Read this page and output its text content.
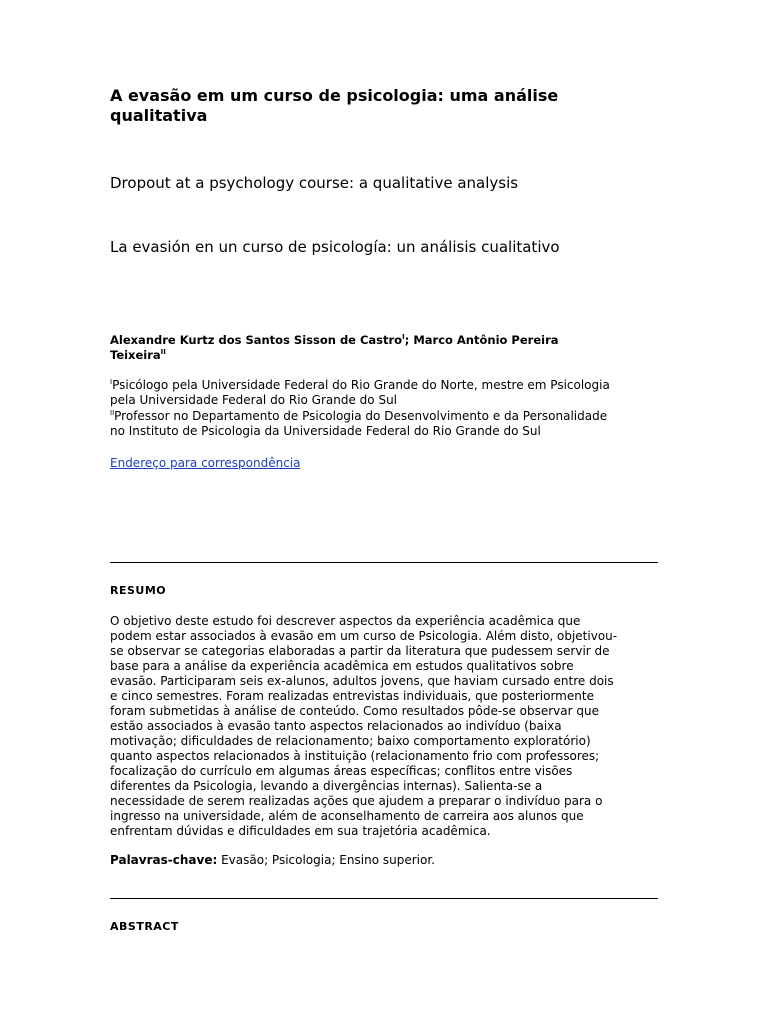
A evasão em um curso de psicologia: uma análise
qualitativa
Dropout at a psychology course: a qualitative analysis
La evasión en un curso de psicología: un análisis cualitativo

Alexandre Kurtz dos Santos Sisson de Castro$^I$; Marco Antônio Pereira
Teixeira$^{II}$

$^I$Psicólogo pela Universidade Federal do Rio Grande do Norte, mestre em Psicologia
pela Universidade Federal do Rio Grande do Sul

$^{II}$Professor no Departamento de Psicologia do Desenvolvimento e da Personalidade
no Instituto de Psicologia da Universidade Federal do Rio Grande do Sul

Endereço para correspondência
RESUMO

O objetivo deste estudo foi descrever aspectos da experiência acadêmica que
podem estar associados à evasão em um curso de Psicologia. Além disto, objetivou-
se observar se categorias elaboradas a partir da literatura que pudessem servir de
base para a análise da experiência acadêmica em estudos qualitativos sobre
evasão. Participaram seis ex-alunos, adultos jovens, que haviam cursado entre dois
e cinco semestres. Foram realizadas entrevistas individuais, que posteriormente
foram submetidas à análise de conteúdo. Como resultados pôde-se observar que
estão associados à evasão tanto aspectos relacionados ao indivíduo (baixa
motivação; dificuldades de relacionamento; baixo comportamento exploratório)
quanto aspectos relacionados à instituição (relacionamento frio com professores;
focalização do currículo em algumas áreas específicas; conflitos entre visões
diferentes da Psicologia, levando a divergências internas). Salienta-se a
necessidade de serem realizadas ações que ajudem a preparar o indivíduo para o
ingresso na universidade, além de aconselhamento de carreira aos alunos que
enfrentam dúvidas e dificuldades em sua trajetória acadêmica.

Palavras-chave: Evasão; Psicologia; Ensino superior.

ABSTRACT
